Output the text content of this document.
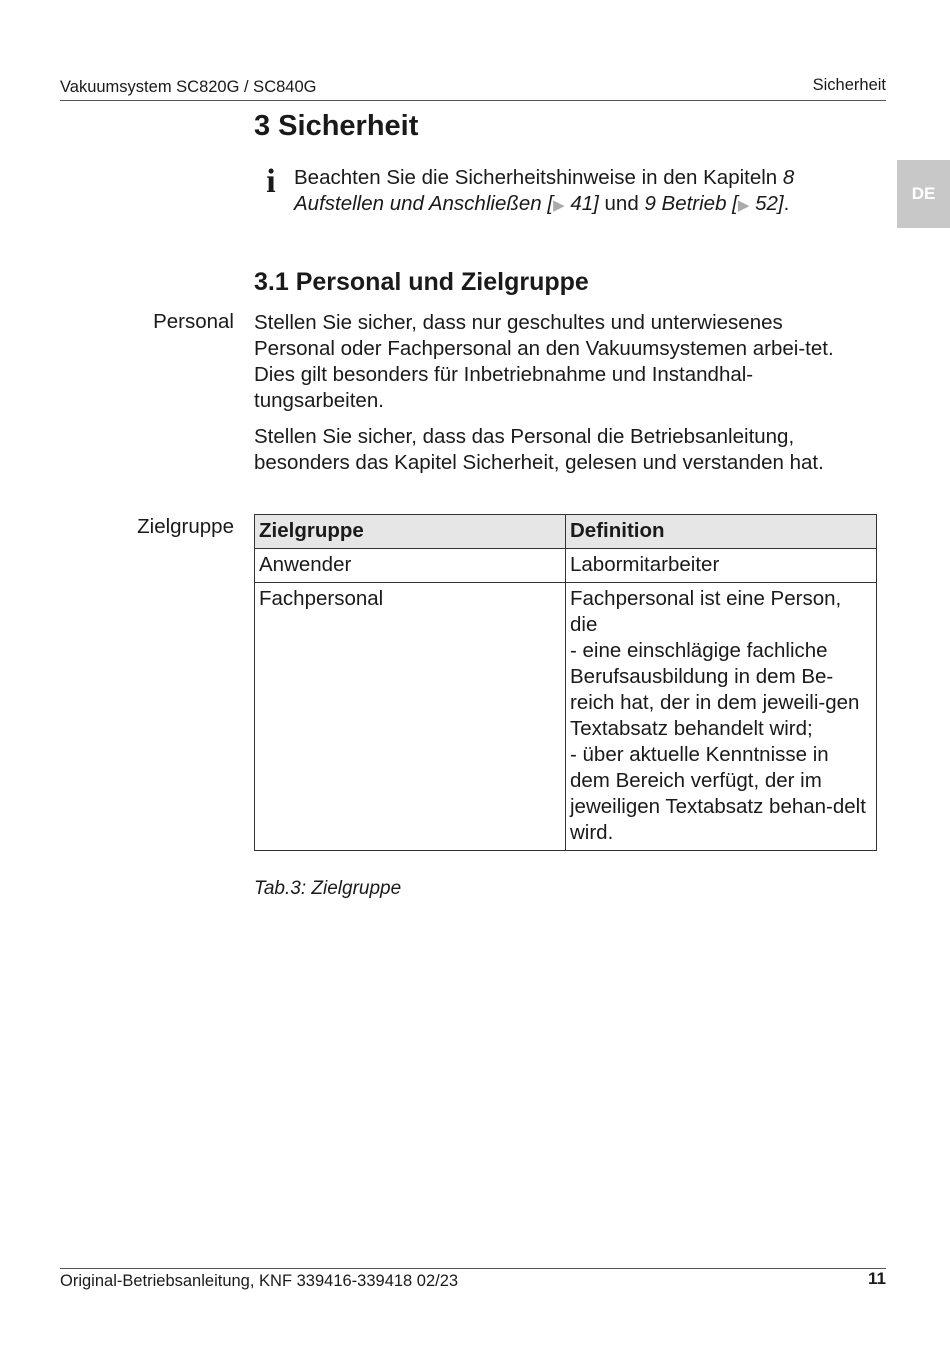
Vakuumsystem SC820G / SC840G	Sicherheit
DE
3 Sicherheit
i Beachten Sie die Sicherheitshinweise in den Kapiteln 8 Aufstellen und Anschließen [▶ 41] und 9 Betrieb [▶ 52].
3.1 Personal und Zielgruppe
Personal Stellen Sie sicher, dass nur geschultes und unterwiesenes Personal oder Fachpersonal an den Vakuumsystemen arbei-tet. Dies gilt besonders für Inbetriebnahme und Instandhal-tungsarbeiten.

Stellen Sie sicher, dass das Personal die Betriebsanleitung, besonders das Kapitel Sicherheit, gelesen und verstanden hat.

Zielgruppe Zielgruppe	Definition
Anwender	Labormitarbeiter
Fachpersonal	Fachpersonal ist eine Person, die
- eine einschlägige fachliche Berufsausbildung in dem Be-reich hat, der in dem jeweili-gen Textabsatz behandelt wird;
- über aktuelle Kenntnisse in dem Bereich verfügt, der im jeweiligen Textabsatz behan-delt wird.
Tab.3: Zielgruppe
Original-Betriebsanleitung, KNF 339416-339418 02/23	11
